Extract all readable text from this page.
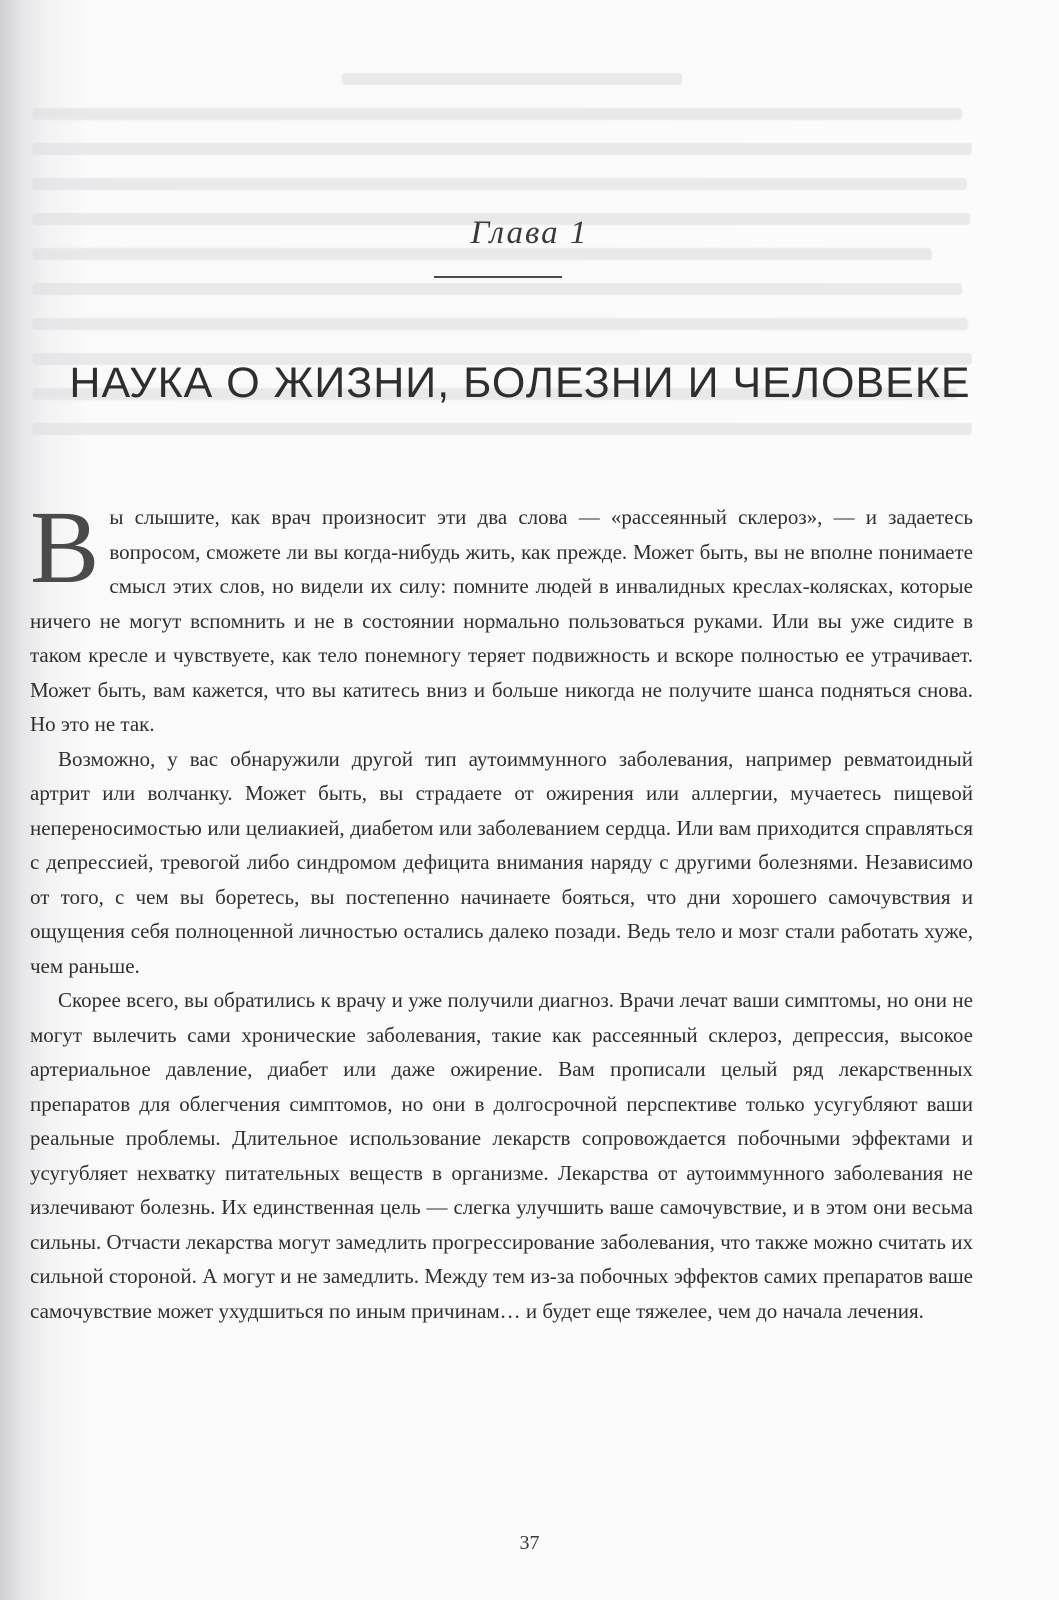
Глава 1
НАУКА О ЖИЗНИ, БОЛЕЗНИ И ЧЕЛОВЕКЕ

Вы слышите, как врач произносит эти два слова — «рассеянный склероз», — и задаетесь вопросом, сможете ли вы когда-нибудь жить, как прежде. Может быть, вы не вполне понимаете смысл этих слов, но видели их силу: помните людей в инвалидных креслах-колясках, которые ничего не могут вспомнить и не в состоянии нормально пользоваться руками. Или вы уже сидите в таком кресле и чувствуете, как тело понемногу теряет подвижность и вскоре полностью ее утрачивает. Может быть, вам кажется, что вы катитесь вниз и больше никогда не получите шанса подняться снова. Но это не так.

Возможно, у вас обнаружили другой тип аутоиммунного заболевания, например ревматоидный артрит или волчанку. Может быть, вы страдаете от ожирения или аллергии, мучаетесь пищевой непереносимостью или целиакией, диабетом или заболеванием сердца. Или вам приходится справляться с депрессией, тревогой либо синдромом дефицита внимания наряду с другими болезнями. Независимо от того, с чем вы боретесь, вы постепенно начинаете бояться, что дни хорошего самочувствия и ощущения себя полноценной личностью остались далеко позади. Ведь тело и мозг стали работать хуже, чем раньше.

Скорее всего, вы обратились к врачу и уже получили диагноз. Врачи лечат ваши симптомы, но они не могут вылечить сами хронические заболевания, такие как рассеянный склероз, депрессия, высокое артериальное давление, диабет или даже ожирение. Вам прописали целый ряд лекарственных препаратов для облегчения симптомов, но они в долгосрочной перспективе только усугубляют ваши реальные проблемы. Длительное использование лекарств сопровождается побочными эффектами и усугубляет нехватку питательных веществ в организме. Лекарства от аутоиммунного заболевания не излечивают болезнь. Их единственная цель — слегка улучшить ваше самочувствие, и в этом они весьма сильны. Отчасти лекарства могут замедлить прогрессирование заболевания, что также можно считать их сильной стороной. А могут и не замедлить. Между тем из-за побочных эффектов самих препаратов ваше самочувствие может ухудшиться по иным причинам… и будет еще тяжелее, чем до начала лечения.

37
